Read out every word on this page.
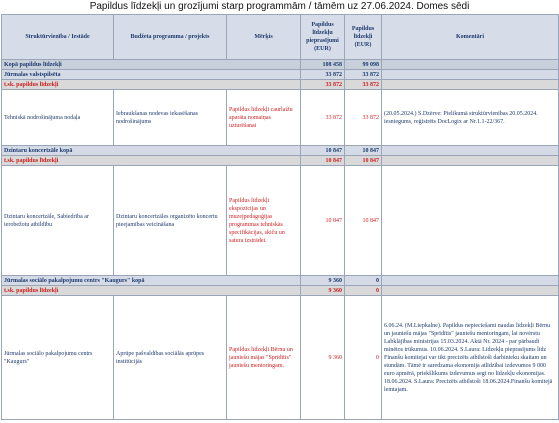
Papildus līdzekļi un grozījumi starp programmām / tāmēm uz 27.06.2024. Domes sēdi
Struktūrvienība / Iestāde	Budžeta programma / projekts	Mērķis	Papildus līdzekļu pieprasījumi (EUR)	Papildus līdzekļi (EUR)	Komentāri
Kopā papildus līdzekļi			108 458	99 098	
Jūrmalas valstspilsēta			33 872	33 872	
t.sk. papildus līdzekļi			33 872	33 872	
Tehniskā nodrošinājuma nodaļa	Iebraukšanas nodevas iekasēšanas nodrošinājums	Papildus līdzekļi caurlaižu aparāta nomaiņas uzturēšanai	33 872	33 872	(20.05.2024.) S.Dzērve: Pielikumā struktūrvienības 20.05.2024. iesniegums, reģistrēts DocLogix ar Nr.1.1-22/367.
Dzintaru koncertzāle kopā			10 847	10 847	
t.sk. papildus līdzekļi			10 847	10 847	
Dzintaru koncertzāle, Sabiedrība ar ierobežotu atbildību	Dzintaru koncertzāles organizēto koncertu pieejamības veicināšana	Papildus līdzekļi ekspozīcijas un muzejpedagoģijas programmas tehniskās specifikācijas, skiču un satura izstrādei.	10 847	10 847	
Jūrmalas sociālo pakalpojumu centrs "Kaugurs" kopā			9 360	0	
t.sk. papildus līdzekļi			9 360	0	
Jūrmalas sociālo pakalpojumu centrs "Kaugurs"	Aprūpe pašvaldības sociālās aprūpes institūcijās	Papildus līdzekļi Bērnu un jauniešu mājas "Sprīdītis" jauniešu mentoringam.	9 360	0	6.06.24. (M.Liepkalne). Papildus nepieciešami naudas līdzekļi Bērnu un jauniešu mājas "Sprīdītis" jauniešu mentoringam, lai novērstu Labklājības ministrijas 15.03.2024. Aktā Nr. 2024 - par pārbaudī minētos trūkumus. 10.06.2024. S.Laura: Līdzekļu pieprasījums līdz Finanšu komitejai var tikt precizēts atbilstoši darbinieku skaitam un stundām. Tāmē ir saredzama ekonomija atlīdzībai izdevumos 9 000 euro apmērā, priekšlikums izdevumus segt no līdzekļu ekonomijas. 18.06.2024. S.Laura: Precizēts atbilstoši 18.06.2024.Finanšu komitejā lemtajam.
